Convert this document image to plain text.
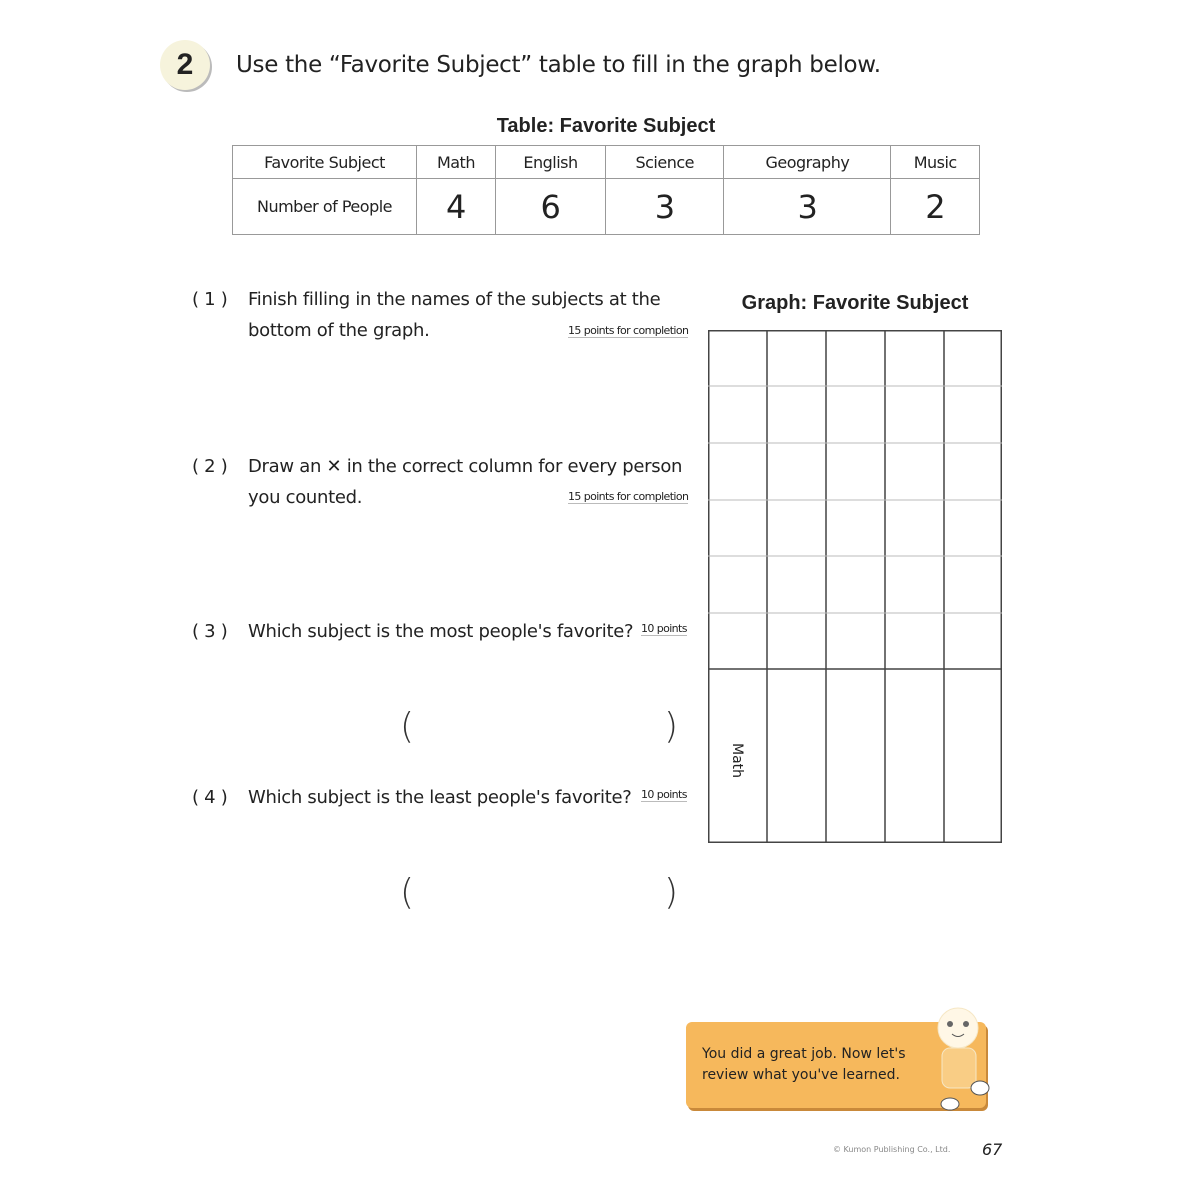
2	Use the “Favorite Subject” table to fill in the graph below.
Table: Favorite Subject
Favorite Subject	Math	English	Science	Geography	Music
Number of People	4	6	3	3	2
( 1 ) Finish filling in the names of the subjects at the
bottom of the graph.	15 points for completion
( 2 ) Draw an ✕ in the correct column for every person
you counted.	15 points for completion
( 3 ) Which subject is the most people's favorite? 10 points
(	)
( 4 ) Which subject is the least people's favorite? 10 points
(	)
Graph: Favorite Subject
Math
You did a great job. Now let's
review what you've learned.
© Kumon Publishing Co., Ltd. 67
